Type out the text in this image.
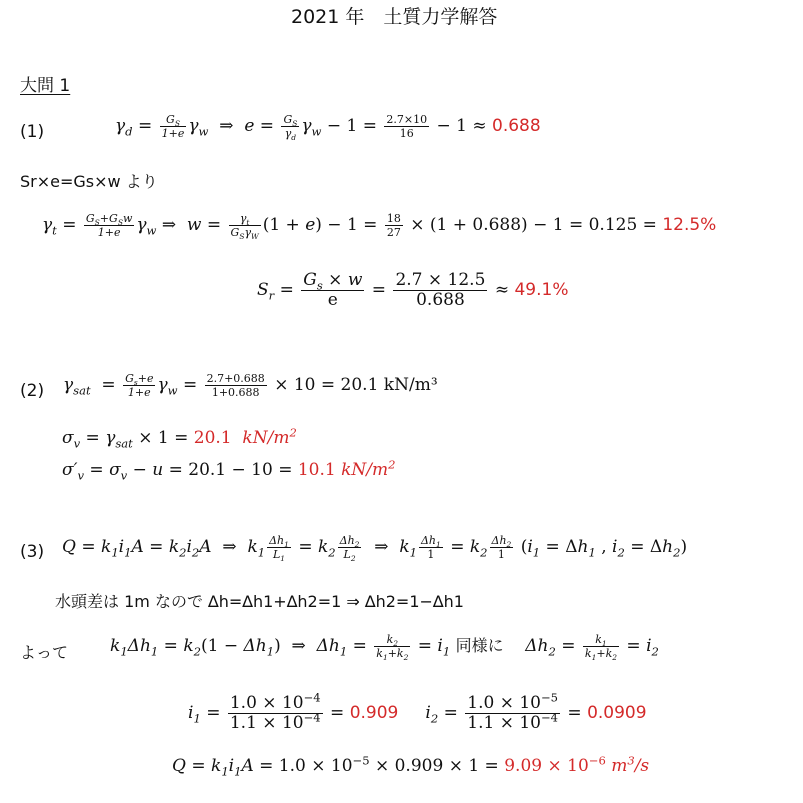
2021 年　土質力学解答
大問 1
(1)	$\gamma_d = \frac{G_S}{1+e} \gamma_w$  ⇒  $e = \frac{G_S}{\gamma_d} \gamma_w - 1 = \frac{2.7\times 10}{16} - 1 \approx 0.688$
Sr×e=Gs×w より
$\gamma_t = \frac{G_S+G_Sw}{1+e} \gamma_w$ ⇒  $w = \frac{\gamma_t}{G_S\gamma_W} (1 + e) - 1 = \frac{18}{27} \times (1 + 0.688) - 1 = 0.125 = 12.5\%$
$S_r = \frac{G_s \times w}{e} = \frac{2.7 \times 12.5}{0.688} \approx 49.1\%$
(2) $\gamma_{sat} = \frac{G_s+e}{1+e} \gamma_w = \frac{2.7+0.688}{1+0.688} \times 10 = 20.1$ kN/m³
$\sigma_v = \gamma_{sat} \times 1 = 20.1$  $kN/m^2$
$\sigma'_v = \sigma_v - u = 20.1 - 10 = 10.1$ $kN/m^2$
(3) $Q = k_1i_1A = k_2i_2A$  ⇒  $k_1 \frac{\Delta h_1}{L_1} = k_2 \frac{\Delta h_2}{L_2}$ ⇒  $k_1 \frac{\Delta h_1}{1} = k_2 \frac{\Delta h_2}{1} (i_1 = \Delta h_1$ , $i_2 = \Delta h_2$)
水頭差は 1m なので ∆h=∆h1+∆h2=1 ⇒ ∆h2=1−∆h1
よって $k_1\Delta h_1 = k_2(1 - \Delta h_1)$  ⇒  $\Delta h_1 = \frac{k_2}{k_1+k_2} = i_1$ 同様に $\Delta h_2 = \frac{k_1}{k_1+k_2} = i_2$
$i_1 = \frac{1.0 \times 10^{-4}}{1.1 \times 10^{-4}} = 0.909$ $i_2 = \frac{1.0 \times 10^{-5}}{1.1 \times 10^{-4}} = 0.0909$
$Q = k_1i_1A = 1.0 \times 10^{-5} \times 0.909 \times 1 = 9.09 \times 10^{-6}$ $m^3/s$
